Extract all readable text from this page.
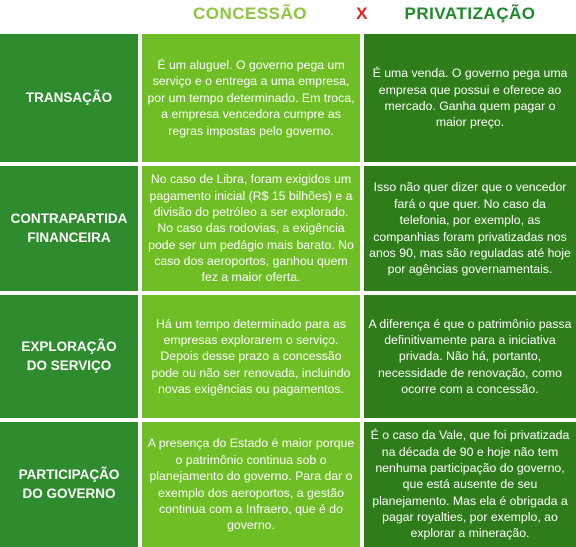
CONCESSÃO	X	PRIVATIZAÇÃO
TRANSAÇÃO
É um aluguel. O governo pega um serviço e o entrega a uma empresa, por um tempo determinado. Em troca, a empresa vencedora cumpre as regras impostas pelo governo.
É uma venda. O governo pega uma empresa que possui e oferece ao mercado. Ganha quem pagar o maior preço.
CONTRAPARTIDA
FINANCEIRA
No caso de Libra, foram exigidos um pagamento inicial (R$ 15 bilhões) e a divisão do petróleo a ser explorado. No caso das rodovias, a exigência pode ser um pedágio mais barato. No caso dos aeroportos, ganhou quem fez a maior oferta.
Isso não quer dizer que o vencedor fará o que quer. No caso da telefonia, por exemplo, as companhias foram privatizadas nos anos 90, mas são reguladas até hoje por agências governamentais.
EXPLORAÇÃO
DO SERVIÇO
Há um tempo determinado para as empresas explorarem o serviço. Depois desse prazo a concessão pode ou não ser renovada, incluindo novas exigências ou pagamentos.
A diferença é que o patrimônio passa definitivamente para a iniciativa privada. Não há, portanto, necessidade de renovação, como ocorre com a concessão.
PARTICIPAÇÃO
DO GOVERNO
A presença do Estado é maior porque o patrimônio continua sob o planejamento do governo. Para dar o exemplo dos aeroportos, a gestão continua com a Infraero, que é do governo.
É o caso da Vale, que foi privatizada na década de 90 e hoje não tem nenhuma participação do governo, que está ausente de seu planejamento. Mas ela é obrigada a pagar royalties, por exemplo, ao explorar a mineração.
